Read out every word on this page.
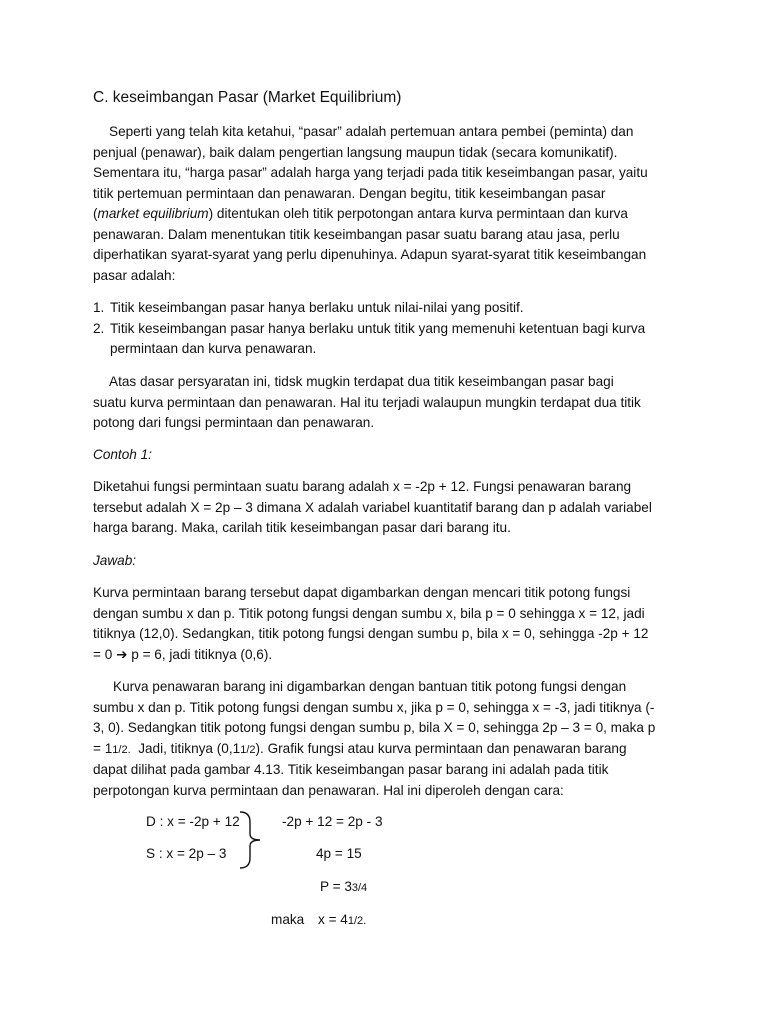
C. keseimbangan Pasar (Market Equilibrium)
Seperti yang telah kita ketahui, “pasar” adalah pertemuan antara pembei (peminta) dan
penjual (penawar), baik dalam pengertian langsung maupun tidak (secara komunikatif).
Sementara itu, “harga pasar” adalah harga yang terjadi pada titik keseimbangan pasar, yaitu
titik pertemuan permintaan dan penawaran. Dengan begitu, titik keseimbangan pasar
(market equilibrium) ditentukan oleh titik perpotongan antara kurva permintaan dan kurva
penawaran. Dalam menentukan titik keseimbangan pasar suatu barang atau jasa, perlu
diperhatikan syarat-syarat yang perlu dipenuhinya. Adapun syarat-syarat titik keseimbangan
pasar adalah:
1. Titik keseimbangan pasar hanya berlaku untuk nilai-nilai yang positif.
2. Titik keseimbangan pasar hanya berlaku untuk titik yang memenuhi ketentuan bagi kurva
permintaan dan kurva penawaran.
Atas dasar persyaratan ini, tidsk mugkin terdapat dua titik keseimbangan pasar bagi
suatu kurva permintaan dan penawaran. Hal itu terjadi walaupun mungkin terdapat dua titik
potong dari fungsi permintaan dan penawaran.
Contoh 1:
Diketahui fungsi permintaan suatu barang adalah x = -2p + 12. Fungsi penawaran barang
tersebut adalah X = 2p – 3 dimana X adalah variabel kuantitatif barang dan p adalah variabel
harga barang. Maka, carilah titik keseimbangan pasar dari barang itu.
Jawab:
Kurva permintaan barang tersebut dapat digambarkan dengan mencari titik potong fungsi
dengan sumbu x dan p. Titik potong fungsi dengan sumbu x, bila p = 0 sehingga x = 12, jadi
titiknya (12,0). Sedangkan, titik potong fungsi dengan sumbu p, bila x = 0, sehingga -2p + 12
= 0 ➔ p = 6, jadi titiknya (0,6).
Kurva penawaran barang ini digambarkan dengan bantuan titik potong fungsi dengan
sumbu x dan p. Titik potong fungsi dengan sumbu x, jika p = 0, sehingga x = -3, jadi titiknya (-
3, 0). Sedangkan titik potong fungsi dengan sumbu p, bila X = 0, sehingga 2p – 3 = 0, maka p
= 11/2.  Jadi, titiknya (0,11/2). Grafik fungsi atau kurva permintaan dan penawaran barang
dapat dilihat pada gambar 4.13. Titik keseimbangan pasar barang ini adalah pada titik
perpotongan kurva permintaan dan penawaran. Hal ini diperoleh dengan cara:
D : x = -2p + 12
S : x = 2p – 3
-2p + 12 = 2p - 3
4p = 15
P = 33/4
maka x = 41/2.
